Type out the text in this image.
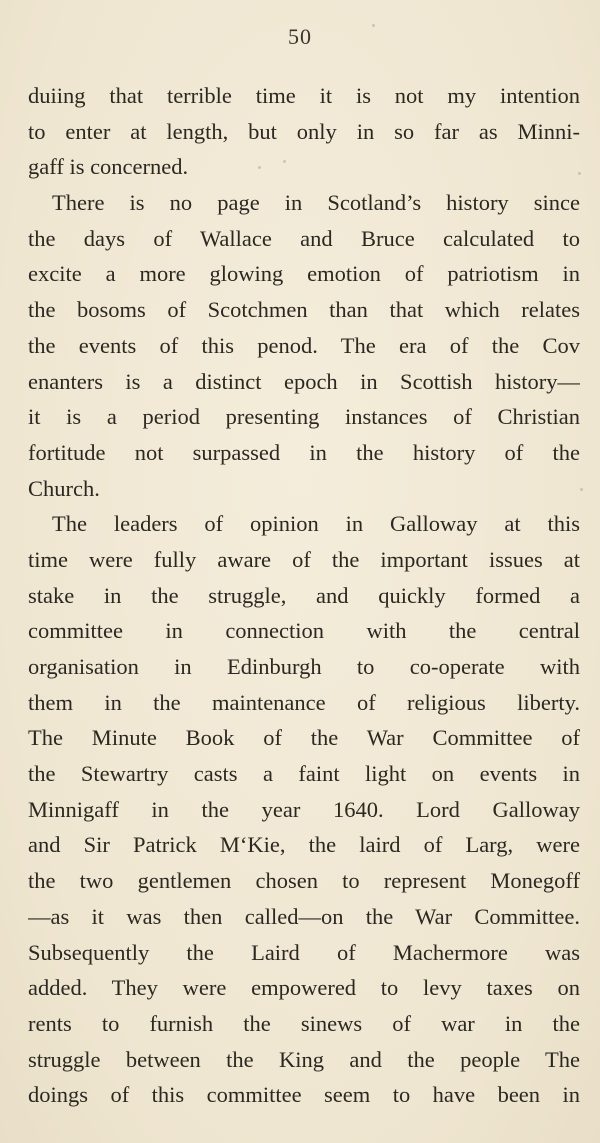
50
duiing that terrible time it is not my intention
to enter at length, but only in so far as Minni-
gaff is concerned.
There is no page in Scotland’s history since
the days of Wallace and Bruce calculated to
excite a more glowing emotion of patriotism in
the bosoms of Scotchmen than that which relates
the events of this penod. The era of the Cov
enanters is a distinct epoch in Scottish history—
it is a period presenting instances of Christian
fortitude not surpassed in the history of the
Church.
The leaders of opinion in Galloway at this
time were fully aware of the important issues at
stake in the struggle, and quickly formed a
committee in connection with the central
organisation in Edinburgh to co-operate with
them in the maintenance of religious liberty.
The Minute Book of the War Committee of
the Stewartry casts a faint light on events in
Minnigaff in the year 1640. Lord Galloway
and Sir Patrick M‘Kie, the laird of Larg, were
the two gentlemen chosen to represent Monegoff
—as it was then called—on the War Committee.
Subsequently the Laird of Machermore was
added. They were empowered to levy taxes on
rents to furnish the sinews of war in the
struggle between the King and the people The
doings of this committee seem to have been in
